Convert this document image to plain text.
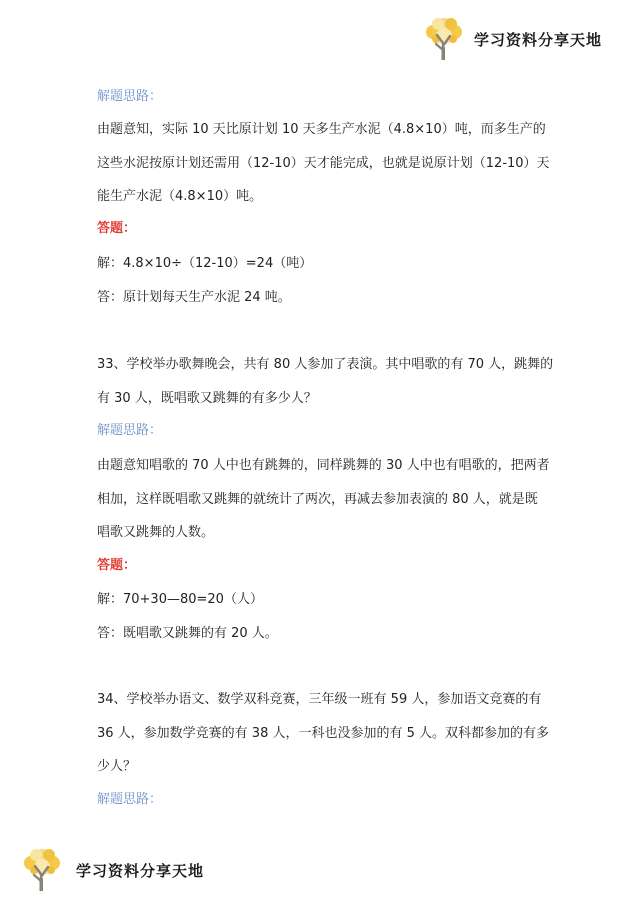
学习资料分享天地
解题思路：
由题意知，实际 10 天比原计划 10 天多生产水泥（4.8×10）吨，而多生产的
这些水泥按原计划还需用（12-10）天才能完成，也就是说原计划（12-10）天
能生产水泥（4.8×10）吨。
答题：
解：4.8×10÷（12-10）=24（吨）
答：原计划每天生产水泥 24 吨。
33、学校举办歌舞晚会，共有 80 人参加了表演。其中唱歌的有 70 人，跳舞的
有 30 人，既唱歌又跳舞的有多少人？
解题思路：
由题意知唱歌的 70 人中也有跳舞的，同样跳舞的 30 人中也有唱歌的，把两者
相加，这样既唱歌又跳舞的就统计了两次，再减去参加表演的 80 人，就是既
唱歌又跳舞的人数。
答题：
解：70+30—80=20（人）
答：既唱歌又跳舞的有 20 人。
34、学校举办语文、数学双科竞赛，三年级一班有 59 人，参加语文竞赛的有
36 人，参加数学竞赛的有 38 人，一科也没参加的有 5 人。双科都参加的有多
少人？
解题思路：
学习资料分享天地
